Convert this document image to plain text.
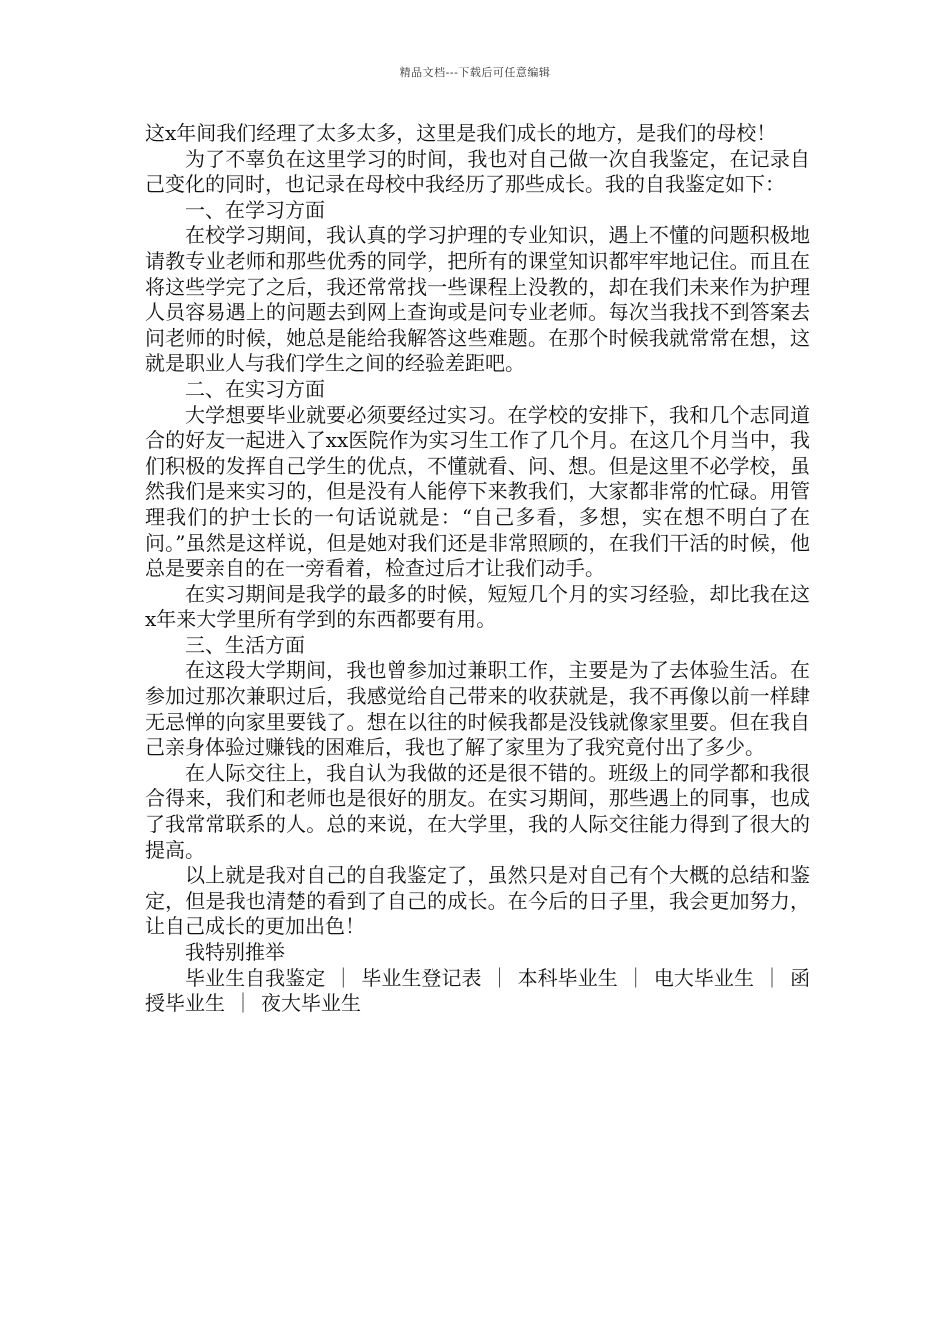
精品文档---下载后可任意编辑

这x年间我们经理了太多太多，这里是我们成长的地方，是我们的母校！

为了不辜负在这里学习的时间，我也对自己做一次自我鉴定，在记录自己变化的同时，也记录在母校中我经历了那些成长。我的自我鉴定如下：

一、在学习方面

在校学习期间，我认真的学习护理的专业知识，遇上不懂的问题积极地请教专业老师和那些优秀的同学，把所有的课堂知识都牢牢地记住。而且在将这些学完了之后，我还常常找一些课程上没教的，却在我们未来作为护理人员容易遇上的问题去到网上查询或是问专业老师。每次当我找不到答案去问老师的时候，她总是能给我解答这些难题。在那个时候我就常常在想，这就是职业人与我们学生之间的经验差距吧。

二、在实习方面

大学想要毕业就要必须要经过实习。在学校的安排下，我和几个志同道合的好友一起进入了xx医院作为实习生工作了几个月。在这几个月当中，我们积极的发挥自己学生的优点，不懂就看、问、想。但是这里不必学校，虽然我们是来实习的，但是没有人能停下来教我们，大家都非常的忙碌。用管理我们的护士长的一句话说就是：“自己多看，多想，实在想不明白了在问。”虽然是这样说，但是她对我们还是非常照顾的，在我们干活的时候，他总是要亲自的在一旁看着，检查过后才让我们动手。

在实习期间是我学的最多的时候，短短几个月的实习经验，却比我在这x年来大学里所有学到的东西都要有用。

三、生活方面

在这段大学期间，我也曾参加过兼职工作，主要是为了去体验生活。在参加过那次兼职过后，我感觉给自己带来的收获就是，我不再像以前一样肆无忌惮的向家里要钱了。想在以往的时候我都是没钱就像家里要。但在我自己亲身体验过赚钱的困难后，我也了解了家里为了我究竟付出了多少。

在人际交往上，我自认为我做的还是很不错的。班级上的同学都和我很合得来，我们和老师也是很好的朋友。在实习期间，那些遇上的同事，也成了我常常联系的人。总的来说，在大学里，我的人际交往能力得到了很大的提高。

以上就是我对自己的自我鉴定了，虽然只是对自己有个大概的总结和鉴定，但是我也清楚的看到了自己的成长。在今后的日子里，我会更加努力，让自己成长的更加出色！

我特别推举

毕业生自我鉴定 ｜ 毕业生登记表 ｜ 本科毕业生 ｜ 电大毕业生 ｜ 函授毕业生 ｜ 夜大毕业生
